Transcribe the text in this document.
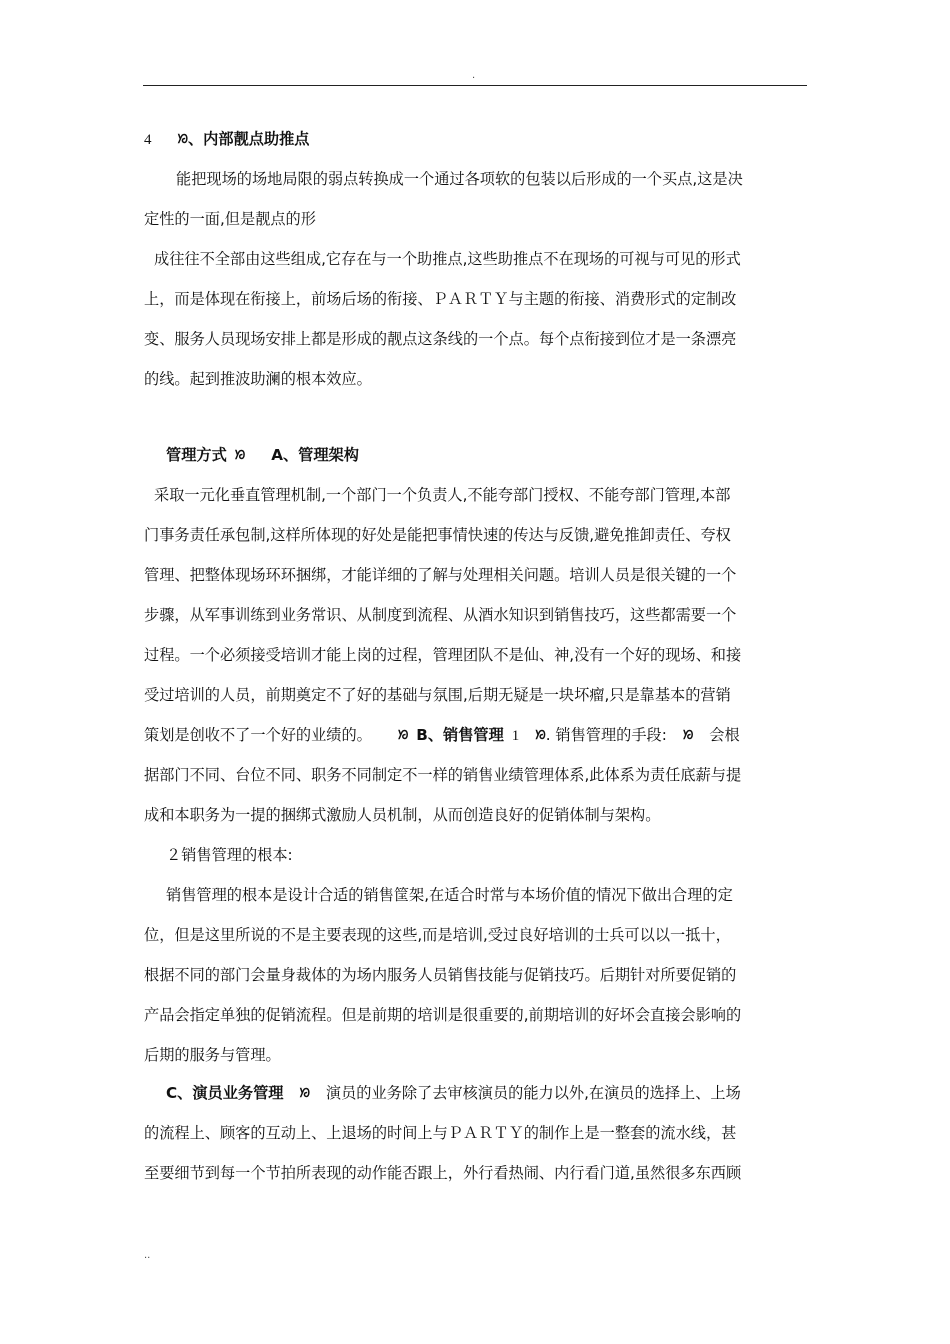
.
4 ᘞ、内部靓点助推点
能把现场的场地局限的弱点转换成一个通过各项软的包装以后形成的一个买点,这是决
定性的一面,但是靓点的形
成往往不全部由这些组成,它存在与一个助推点,这些助推点不在现场的可视与可见的形式
上，而是体现在衔接上，前场后场的衔接、ＰＡＲＴＹ与主题的衔接、消费形式的定制改
变、服务人员现场安排上都是形成的靓点这条线的一个点。每个点衔接到位才是一条漂亮
的线。起到推波助澜的根本效应。
管理方式 ᘞ A、管理架构
采取一元化垂直管理机制,一个部门一个负责人,不能夸部门授权、不能夸部门管理,本部
门事务责任承包制,这样所体现的好处是能把事情快速的传达与反馈,避免推卸责任、夸权
管理、把整体现场环环捆绑，才能详细的了解与处理相关问题。培训人员是很关键的一个
步骤，从军事训练到业务常识、从制度到流程、从酒水知识到销售技巧，这些都需要一个
过程。一个必须接受培训才能上岗的过程，管理团队不是仙、神,没有一个好的现场、和接
受过培训的人员，前期奠定不了好的基础与氛围,后期无疑是一块坏瘤,只是靠基本的营销
策划是创收不了一个好的业绩的。 ᘞ B、销售管理 1 ᘞ. 销售管理的手段: ᘞ 会根
据部门不同、台位不同、职务不同制定不一样的销售业绩管理体系,此体系为责任底薪与提
成和本职务为一提的捆绑式激励人员机制，从而创造良好的促销体制与架构。
２销售管理的根本:
销售管理的根本是设计合适的销售筐架,在适合时常与本场价值的情况下做出合理的定
位，但是这里所说的不是主要表现的这些,而是培训,受过良好培训的士兵可以以一抵十，
根据不同的部门会量身裁体的为场内服务人员销售技能与促销技巧。后期针对所要促销的
产品会指定单独的促销流程。但是前期的培训是很重要的,前期培训的好坏会直接会影响的
后期的服务与管理。
C、演员业务管理 ᘞ 演员的业务除了去审核演员的能力以外,在演员的选择上、上场
的流程上、顾客的互动上、上退场的时间上与ＰＡＲＴＹ的制作上是一整套的流水线，甚
至要细节到每一个节拍所表现的动作能否跟上，外行看热闹、内行看门道,虽然很多东西顾
..
